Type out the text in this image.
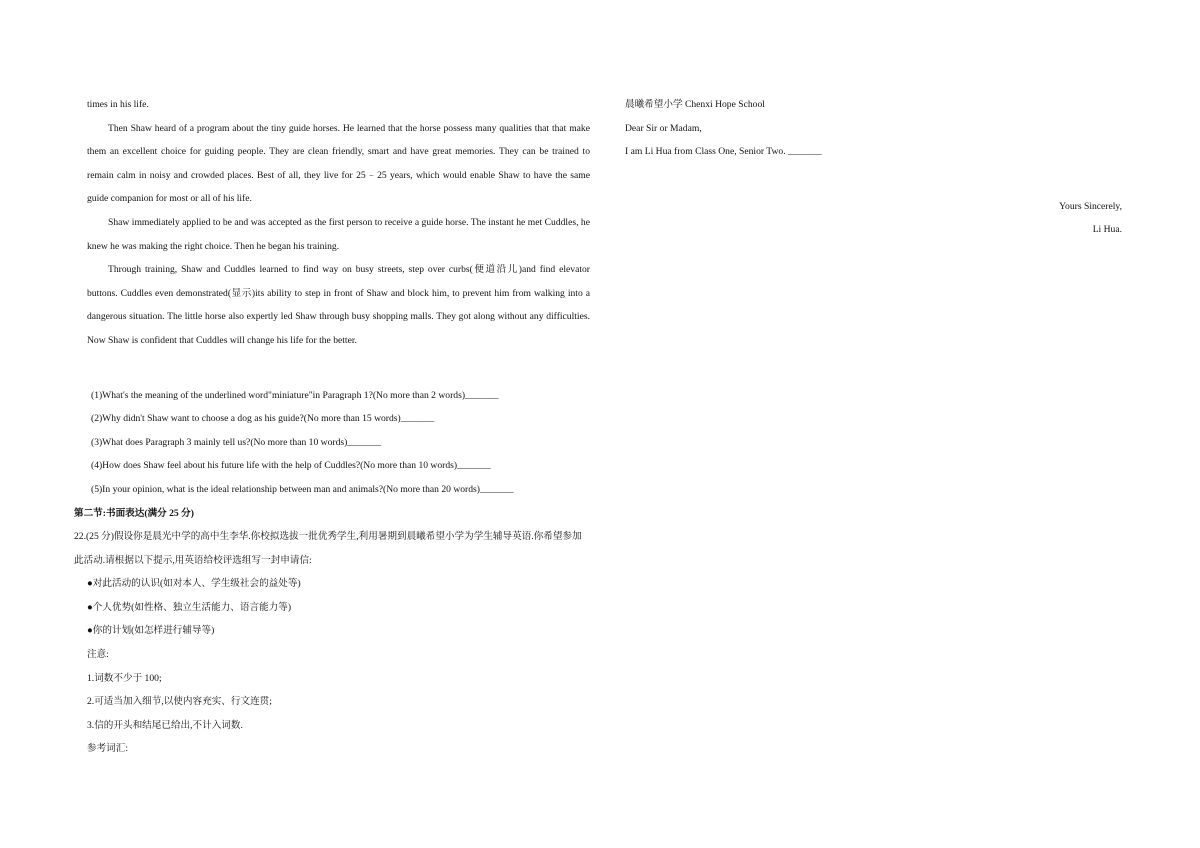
times in his life.

Then Shaw heard of a program about the tiny guide horses. He learned that the horse possess many qualities that that make them an excellent choice for guiding people. They are clean friendly, smart and have great memories. They can be trained to remain calm in noisy and crowded places. Best of all, they live for 25﹣25 years, which would enable Shaw to have the same guide companion for most or all of his life.

Shaw immediately applied to be and was accepted as the first person to receive a guide horse. The instant he met Cuddles, he knew he was making the right choice. Then he began his training.

Through training, Shaw and Cuddles learned to find way on busy streets, step over curbs(便道沿儿)and find elevator buttons. Cuddles even demonstrated(显示)its ability to step in front of Shaw and block him, to prevent him from walking into a dangerous situation. The little horse also expertly led Shaw through busy shopping malls. They got along without any difficulties. Now Shaw is confident that Cuddles will change his life for the better.

(1)What's the meaning of the underlined word"miniature"in Paragraph 1?(No more than 2 words)_______

(2)Why didn't Shaw want to choose a dog as his guide?(No more than 15 words)_______

(3)What does Paragraph 3 mainly tell us?(No more than 10 words)_______

(4)How does Shaw feel about his future life with the help of Cuddles?(No more than 10 words)_______

(5)In your opinion, what is the ideal relationship between man and animals?(No more than 20 words)_______

第二节:书面表达(满分 25 分)

22.(25 分)假设你是晨光中学的高中生李华.你校拟选拔一批优秀学生,利用暑期到晨曦希望小学为学生辅导英语.你希望参加此活动.请根据以下提示,用英语给校评选组写一封申请信:

●对此活动的认识(如对本人、学生级社会的益处等)

●个人优势(如性格、独立生活能力、语言能力等)

●你的计划(如怎样进行辅导等)

注意:

1.词数不少于 100;

2.可适当加入细节,以使内容充实、行文连贯;

3.信的开头和结尾已给出,不计入词数.

参考词汇:

晨曦希望小学 Chenxi Hope School

Dear Sir or Madam,

I am Li Hua from Class One, Senior Two. _______

Yours Sincerely,

Li Hua.
